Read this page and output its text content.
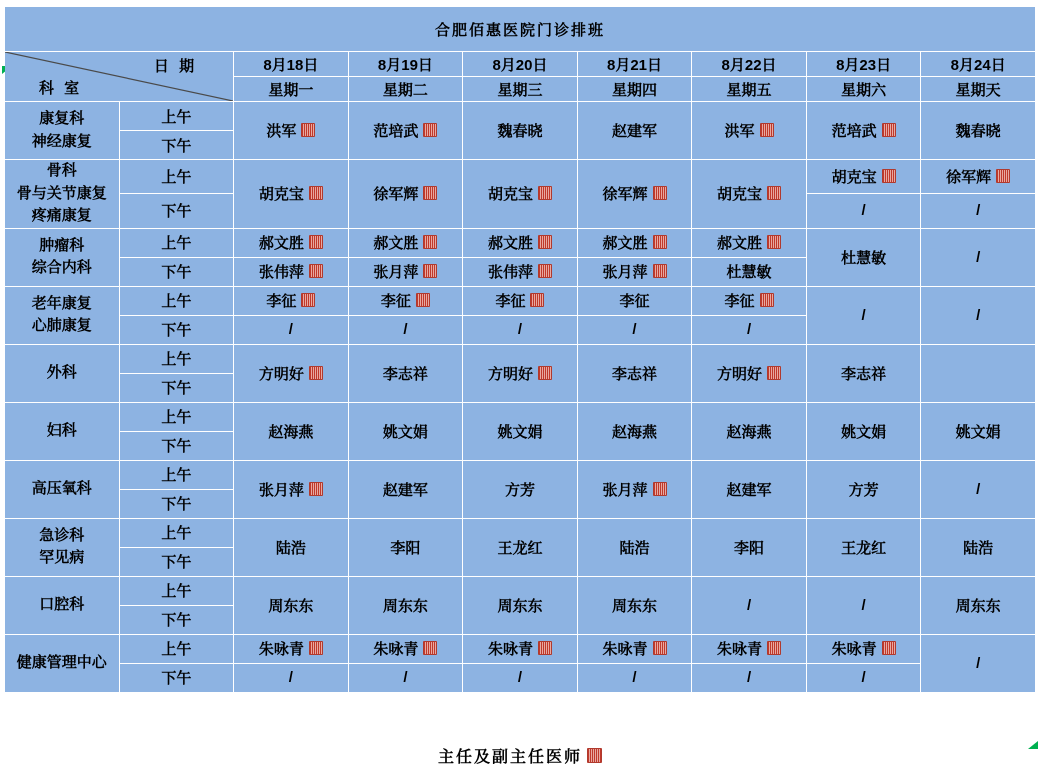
合肥佰惠医院门诊排班								

日 期
科 室		8月18日	8月19日	8月20日	8月21日	8月22日	8月23日	8月24日
		星期一	星期二	星期三	星期四	星期五	星期六	星期天
康复科
神经康复	上午	洪军	范培武	魏春晓	赵建军	洪军	范培武	魏春晓
	下午							
骨科
骨与关节康复
疼痛康复	上午	胡克宝	徐军辉	胡克宝	徐军辉	胡克宝	胡克宝	徐军辉
	下午						/	/
肿瘤科
综合内科	上午	郝文胜	郝文胜	郝文胜	郝文胜	郝文胜	杜慧敏	/
	下午	张伟萍	张月萍	张伟萍	张月萍	杜慧敏		
老年康复
心肺康复	上午	李征	李征	李征	李征	李征	/	/
	下午	/	/	/	/	/		
外科	上午	方明好	李志祥	方明好	李志祥	方明好	李志祥	
	下午							
妇科	上午	赵海燕	姚文娟	姚文娟	赵海燕	赵海燕	姚文娟	姚文娟
	下午							
高压氧科	上午	张月萍	赵建军	方芳	张月萍	赵建军	方芳	/
	下午							
急诊科
罕见病	上午	陆浩	李阳	王龙红	陆浩	李阳	王龙红	陆浩
	下午							
口腔科	上午	周东东	周东东	周东东	周东东	/	/	周东东
	下午							
健康管理中心	上午	朱咏青	朱咏青	朱咏青	朱咏青	朱咏青	朱咏青	/
	下午	/	/	/	/	/	/	
主任及副主任医师
